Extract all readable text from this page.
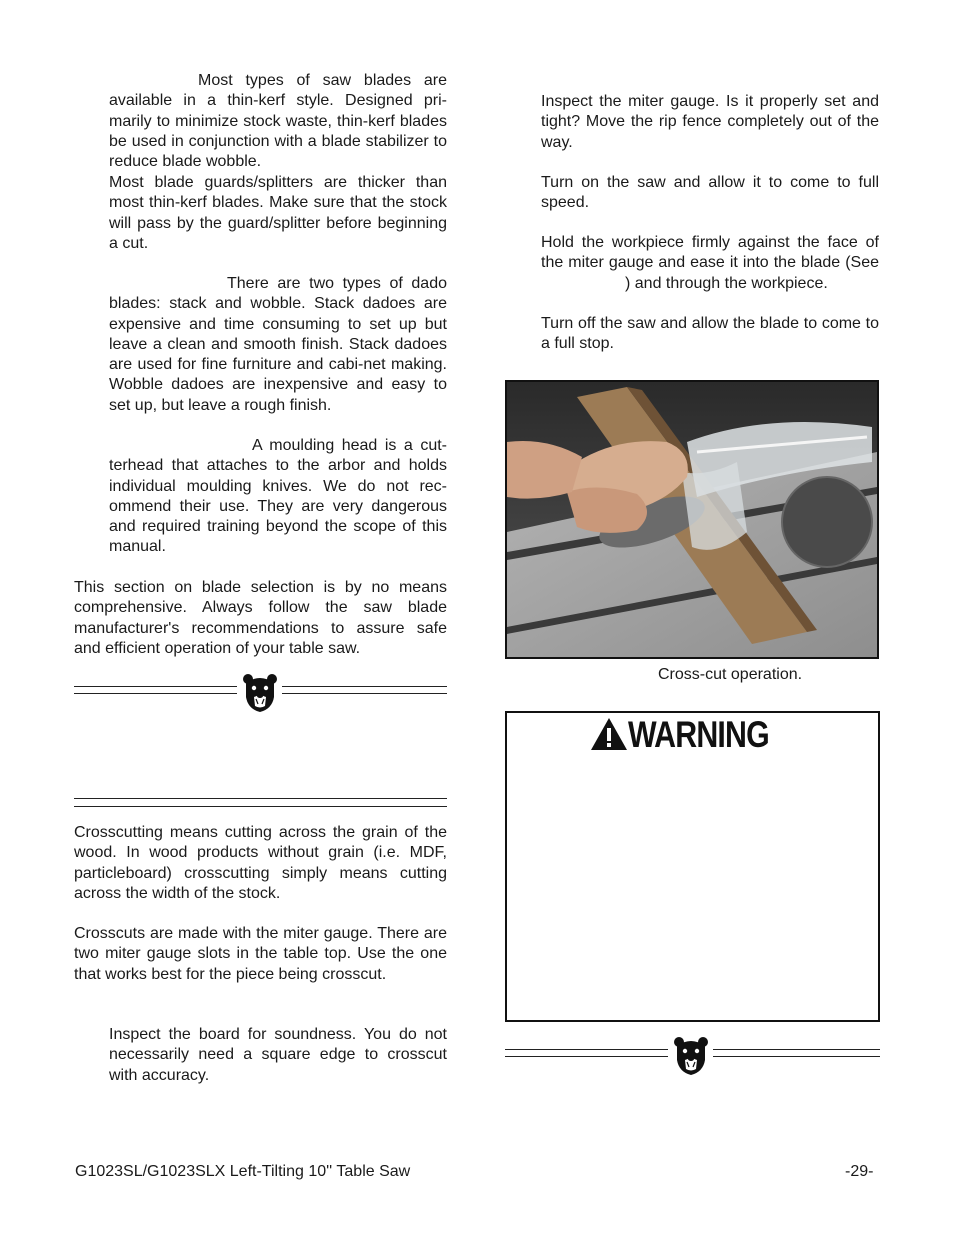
Most types of saw blades are available in a thin-kerf style. Designed pri-marily to minimize stock waste, thin-kerf blades be used in conjunction with a blade stabilizer to reduce blade wobble.

Most blade guards/splitters are thicker than most thin-kerf blades. Make sure that the stock will pass by the guard/splitter before beginning a cut.

There are two types of dado blades: stack and wobble. Stack dadoes are expensive and time consuming to set up but leave a clean and smooth finish. Stack dadoes are used for fine furniture and cabi-net making. Wobble dadoes are inexpensive and easy to set up, but leave a rough finish.

A moulding head is a cut-terhead that attaches to the arbor and holds individual moulding knives. We do not rec-ommend their use. They are very dangerous and required training beyond the scope of this manual.

This section on blade selection is by no means comprehensive. Always follow the saw blade manufacturer's recommendations to assure safe and efficient operation of your table saw.

Crosscutting means cutting across the grain of the wood. In wood products without grain (i.e. MDF, particleboard) crosscutting simply means cutting across the width of the stock.

Crosscuts are made with the miter gauge. There are two miter gauge slots in the table top. Use the one that works best for the piece being crosscut.

Inspect the board for soundness. You do not necessarily need a square edge to crosscut with accuracy.

Inspect the miter gauge. Is it properly set and tight? Move the rip fence completely out of the way.

Turn on the saw and allow it to come to full speed.

Hold the workpiece firmly against the face of the miter gauge and ease it into the blade (See) and through the workpiece.

Turn off the saw and allow the blade to come to a full stop.

Cross-cut operation.
WARNING
G1023SL/G1023SLX Left-Tilting 10'' Table Saw	-29-
